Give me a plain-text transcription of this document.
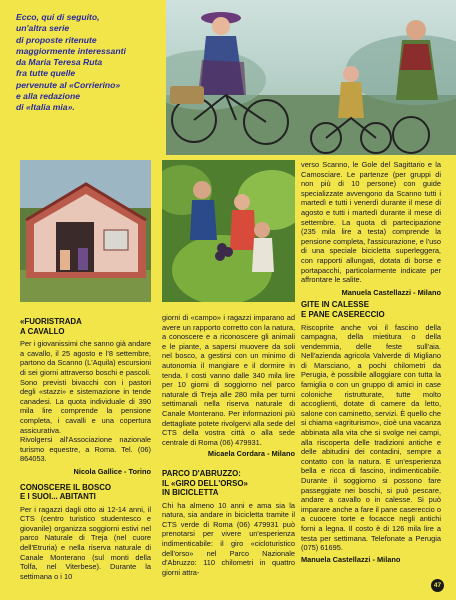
Ecco, qui di seguito,
un'altra serie
di proposte ritenute
maggiormente interessanti
da Maria Teresa Ruta
fra tutte quelle
pervenute al «Corrierino»
e alla redazione
di «Italia mia».

«FUORISTRADA
A CAVALLO

Per i giovanissimi che sanno già andare a cavallo, il 25 agosto e l'8 settembre, partono da Scanno (L'Aquila) escursioni di sei giorni attraverso boschi e pascoli. Sono previsti bivacchi con i pastori degli «stazzi» e sistemazione in tende canadesi. La quota individuale di 390 mila lire comprende la pensione completa, i cavalli e una copertura assicurativa.

Rivolgersi all'Associazione nazionale turismo equestre, a Roma. Tel. (06) 864053.

Nicola Gallice - Torino

CONOSCERE IL BOSCO
E I SUOI... ABITANTI

Per i ragazzi dagli otto ai 12-14 anni, il CTS (centro turistico studentesco e giovanile) organizza soggiorni estivi nel parco Naturale di Treja (nel cuore dell'Etruria) e nella riserva naturale di Canale Monterano (sul monti della Tolfa, nel Viterbese). Durante la settimana o i 10

giorni di «campo» i ragazzi imparano ad avere un rapporto corretto con la natura, a conoscere e a riconoscere gli animali e le piante, a sapersi muovere da soli nel bosco, a gestirsi con un minimo di autonomia il mangiare e il dormire in tenda. I costi vanno dalle 340 mila lire per 10 giorni di soggiorno nel parco naturale di Treja alle 280 mila per turni settimanali nella riserva naturale di Canale Monterano. Per informazioni più dettagliate potete rivolgervi alla sede del CTS della vostra città o alla sede centrale di Roma (06) 479931.

Micaela Cordara - Milano

PARCO D'ABRUZZO:
IL «GIRO DELL'ORSO»
IN BICICLETTA

Chi ha almeno 10 anni e ama sia la natura, sia andare in bicicletta tramite il CTS verde di Roma (06) 479931 può prenotarsi per vivere un'esperienza indimenticabile: il giro «cicloturistico dell'orso» nel Parco Nazionale d'Abruzzo: 110 chilometri in quattro giorni attra-

verso Scanno, le Gole del Sagittario e la Camosciare. Le partenze (per gruppi di non più di 10 persone) con guide specializzate avvengono da Scanno tutti i martedì e tutti i venerdì durante il mese di agosto e tutti i martedì durante il mese di settembre. La quota di partecipazione (235 mila lire a testa) comprende la pensione completa, l'assicurazione, e l'uso di una speciale bicicletta superleggera, con rapporti allungati, dotata di borse e portapacchi, particolarmente indicate per affrontare le salite.

Manuela Castellazzi - Milano

GITE IN CALESSE
E PANE CASERECCIO

Riscoprite anche voi il fascino della campagna, della mietitura o della vendemmia, delle feste sull'aia. Nell'azienda agricola Valverde di Migliano di Marsciano, a pochi chilometri da Perugia, è possibile alloggiare con tutta la famiglia o con un gruppo di amici in case coloniche ristrutturate, tutte molto accoglienti, dotate di camere da letto, salone con caminetto, servizi. È quello che si chiama «agriturismo», cioè una vacanza abbinata alla vita che si svolge nei campi, alla riscoperta delle tradizioni antiche e delle abitudini dei contadini, sempre a contatto con la natura. E un'esperienza bella e ricca di fascino, indimenticabile. Durante il soggiorno si possono fare passeggiate nei boschi, si può pescare, andare a cavallo o in calesse. Si può imparare anche a fare il pane casereccio o a cuocere torte e focacce negli antichi forni a legna. Il costo è di 126 mila lire a testa per settimana. Telefonate a Perugia (075) 61695.

Manuela Castellazzi - Milano

47
